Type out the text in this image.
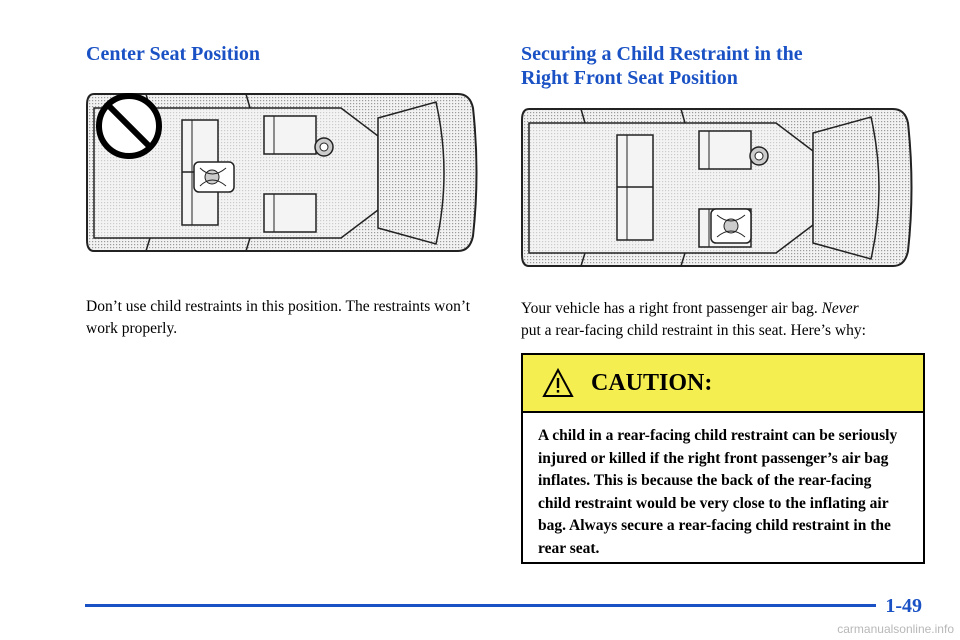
Center Seat Position

Don’t use child restraints in this position. The restraints won’t work properly.

Securing a Child Restraint in the
Right Front Seat Position

Your vehicle has a right front passenger air bag. Never
put a rear-facing child restraint in this seat. Here’s why:

CAUTION:

A child in a rear-facing child restraint can be seriously injured or killed if the right front passenger’s air bag inflates. This is because the back of the rear-facing child restraint would be very close to the inflating air bag. Always secure a rear-facing child restraint in the rear seat.

1-49

carmanualsonline.info
